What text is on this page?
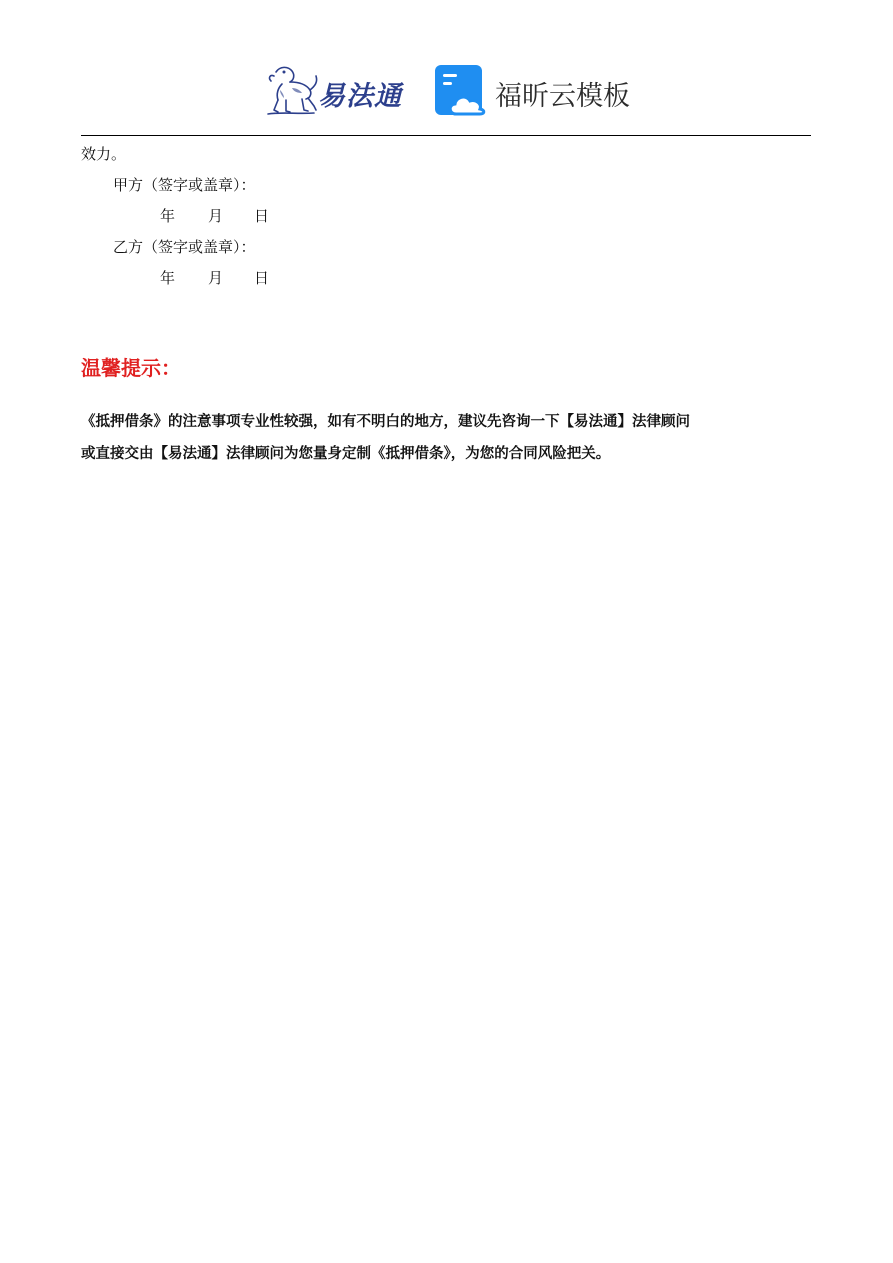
易法通	福昕云模板
效力。
甲方（签字或盖章）：
年 月 日
乙方（签字或盖章）：
年 月 日
温馨提示：
《抵押借条》的注意事项专业性较强，如有不明白的地方，建议先咨询一下【易法通】法律顾问
或直接交由【易法通】法律顾问为您量身定制《抵押借条》，为您的合同风险把关。
